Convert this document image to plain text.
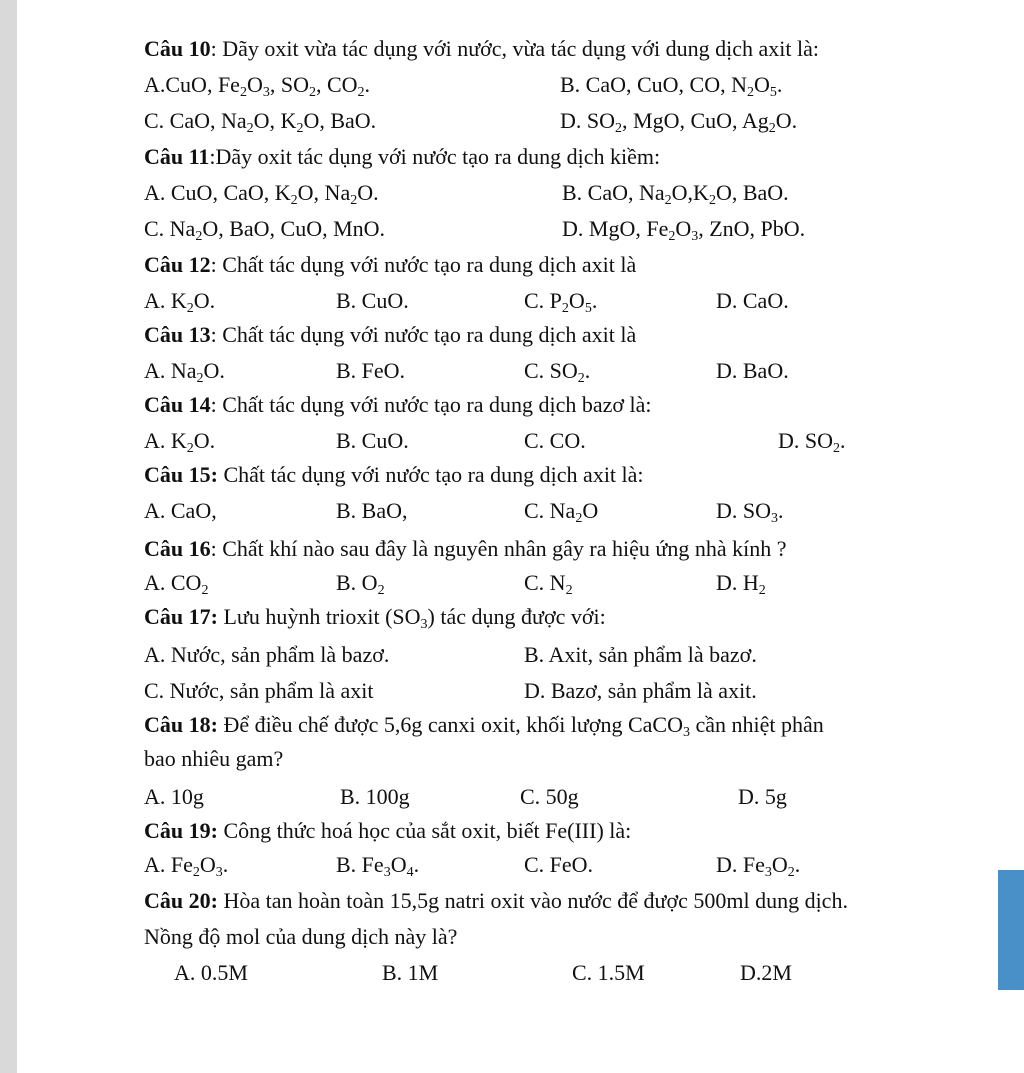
Câu 10: Dãy oxit vừa tác dụng với nước, vừa tác dụng với dung dịch axit là:
A.CuO, $Fe_2O_3$, $SO_2$, $CO_2$.	B. CaO, CuO, CO, $N_2O_5$.
C. CaO, $Na_2O$, $K_2O$, BaO.	D. $SO_2$, MgO, CuO, $Ag_2O$.
Câu 11:Dãy oxit tác dụng với nước tạo ra dung dịch kiềm:
A. CuO, CaO, $K_2O$, $Na_2O$.	B. CaO, $Na_2O,K_2O$, BaO.
C. $Na_2O$, BaO, CuO, MnO.	D. MgO, $Fe_2O_3$, ZnO, PbO.
Câu 12: Chất tác dụng với nước tạo ra dung dịch axit là
A. $K_2O$.	B. CuO.	C. $P_2O_5$.	D. CaO.
Câu 13: Chất tác dụng với nước tạo ra dung dịch axit là
A. $Na_2O$.	B. FeO.	C. $SO_2$.	D. BaO.
Câu 14: Chất tác dụng với nước tạo ra dung dịch bazơ là:
A. $K_2O$.	B. CuO.	C. CO.	D. $SO_2$.
Câu 15: Chất tác dụng với nước tạo ra dung dịch axit là:
A. CaO,	B. BaO,	C. $Na_2O$	D. $SO_3$.
Câu 16: Chất khí nào sau đây là nguyên nhân gây ra hiệu ứng nhà kính ?
A. $CO_2$	B. $O_2$	C. $N_2$	D. $H_2$
Câu 17: Lưu huỳnh trioxit $(SO_3)$ tác dụng được với:
A. Nước, sản phẩm là bazơ.	B. Axit, sản phẩm là bazơ.
C. Nước, sản phẩm là axit	D. Bazơ, sản phẩm là axit.
Câu 18: Để điều chế được 5,6g canxi oxit, khối lượng CaCO$_3$ cần nhiệt phân
bao nhiêu gam?
A. 10g	B. 100g	C. 50g	D. 5g
Câu 19: Công thức hoá học của sắt oxit, biết Fe(III) là:
A. $Fe_2O_3$.	B. $Fe_3O_4$.	C. FeO.	D. $Fe_3O_2$.
Câu 20: Hòa tan hoàn toàn 15,5g natri oxit vào nước để được 500ml dung dịch.
Nồng độ mol của dung dịch này là?
A. 0.5M	B. 1M	C. 1.5M	D.2M
